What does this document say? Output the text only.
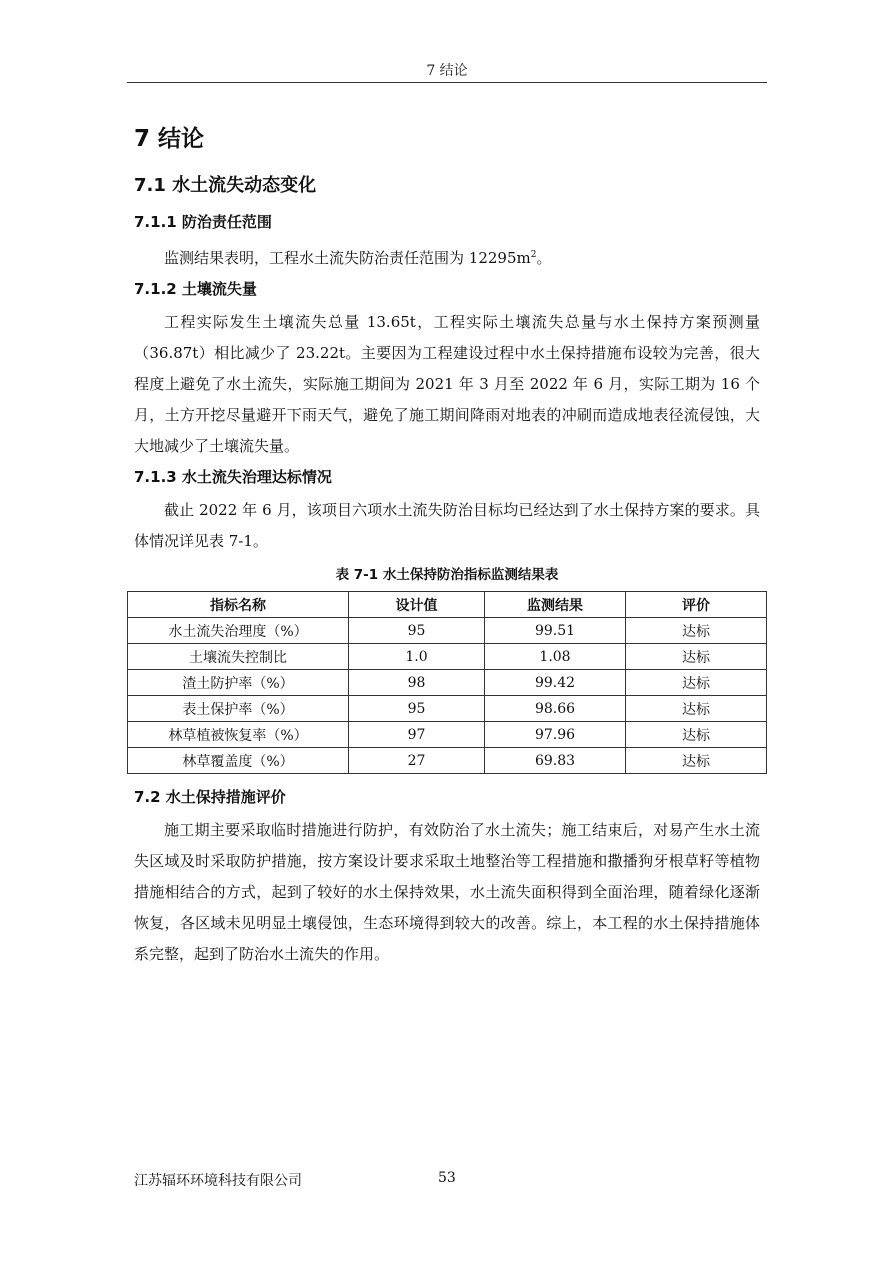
7 结论
7 结论
7.1 水土流失动态变化
7.1.1 防治责任范围

监测结果表明，工程水土流失防治责任范围为 $12295m^2$。

7.1.2 土壤流失量

工程实际发生土壤流失总量 13.65t，工程实际土壤流失总量与水土保持方案预测量（36.87t）相比减少了 23.22t。主要因为工程建设过程中水土保持措施布设较为完善，很大程度上避免了水土流失，实际施工期间为 2021 年 3 月至 2022 年 6 月，实际工期为 16 个月，土方开挖尽量避开下雨天气，避免了施工期间降雨对地表的冲刷而造成地表径流侵蚀，大大地减少了土壤流失量。

7.1.3 水土流失治理达标情况

截止 2022 年 6 月，该项目六项水土流失防治目标均已经达到了水土保持方案的要求。具体情况详见表 7-1。

表 7-1 水土保持防治指标监测结果表
指标名称	设计值	监测结果	评价
水土流失治理度（%）	95	99.51	达标
土壤流失控制比	1.0	1.08	达标
渣土防护率（%）	98	99.42	达标
表土保护率（%）	95	98.66	达标
林草植被恢复率（%）	97	97.96	达标
林草覆盖度（%）	27	69.83	达标
7.2 水土保持措施评价

施工期主要采取临时措施进行防护，有效防治了水土流失；施工结束后，对易产生水土流失区域及时采取防护措施，按方案设计要求采取土地整治等工程措施和撒播狗牙根草籽等植物措施相结合的方式，起到了较好的水土保持效果，水土流失面积得到全面治理，随着绿化逐渐恢复，各区域未见明显土壤侵蚀，生态环境得到较大的改善。综上，本工程的水土保持措施体系完整，起到了防治水土流失的作用。

江苏辐环环境科技有限公司	53
